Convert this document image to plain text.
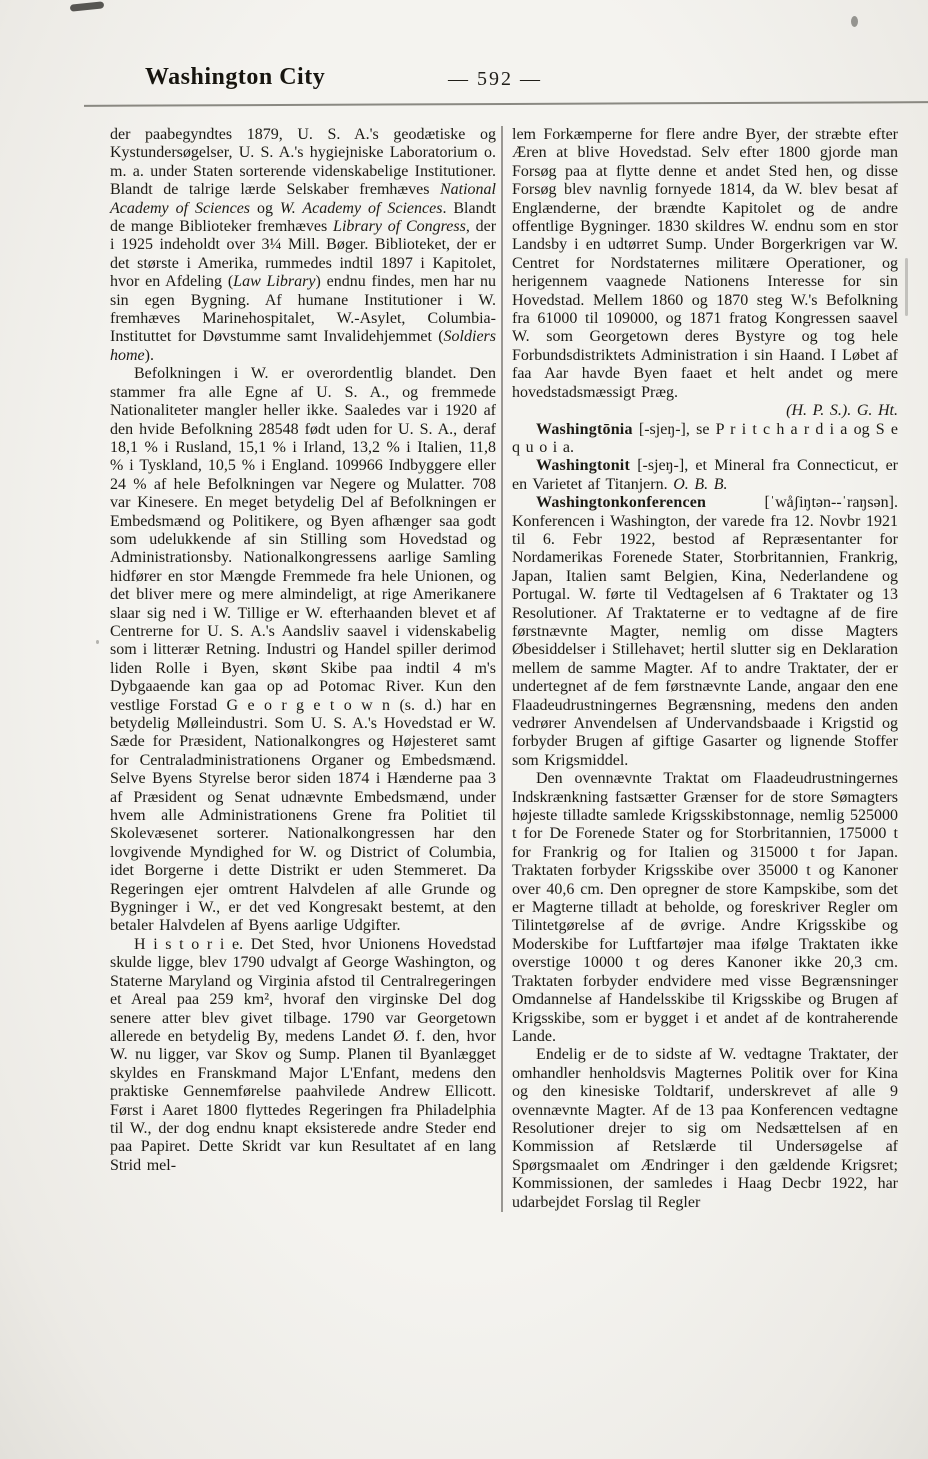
Washington City	— 592 —

der paabegyndtes 1879, U. S. A.'s geodætiske og Kystundersøgelser, U. S. A.'s hygiejniske Laboratorium o. m. a. under Staten sorterende videnskabelige Institutioner. Blandt de talrige lærde Selskaber fremhæves National Academy of Sciences og W. Academy of Sciences. Blandt de mange Biblioteker fremhæves Library of Congress, der i 1925 indeholdt over 3¼ Mill. Bøger. Biblioteket, der er det største i Amerika, rummedes indtil 1897 i Kapitolet, hvor en Afdeling (Law Library) endnu findes, men har nu sin egen Bygning. Af humane Institutioner i W. fremhæves Marinehospitalet, W.-Asylet, Columbia-Instituttet for Døvstumme samt Invalidehjemmet (Soldiers home).

Befolkningen i W. er overordentlig blandet. Den stammer fra alle Egne af U. S. A., og fremmede Nationaliteter mangler heller ikke. Saaledes var i 1920 af den hvide Befolkning 28548 født uden for U. S. A., deraf 18,1 % i Rusland, 15,1 % i Irland, 13,2 % i Italien, 11,8 % i Tyskland, 10,5 % i England. 109966 Indbyggere eller 24 % af hele Befolkningen var Negere og Mulatter. 708 var Kinesere. En meget betydelig Del af Befolkningen er Embedsmænd og Politikere, og Byen afhænger saa godt som udelukkende af sin Stilling som Hovedstad og Administrationsby. Nationalkongressens aarlige Samling hidfører en stor Mængde Fremmede fra hele Unionen, og det bliver mere og mere almindeligt, at rige Amerikanere slaar sig ned i W. Tillige er W. efterhaanden blevet et af Centrerne for U. S. A.'s Aandsliv saavel i videnskabelig som i litterær Retning. Industri og Handel spiller derimod liden Rolle i Byen, skønt Skibe paa indtil 4 m's Dybgaaende kan gaa op ad Potomac River. Kun den vestlige Forstad G e o r g e t o w n (s. d.) har en betydelig Mølleindustri. Som U. S. A.'s Hovedstad er W. Sæde for Præsident, Nationalkongres og Højesteret samt for Centraladministrationens Organer og Embedsmænd. Selve Byens Styrelse beror siden 1874 i Hænderne paa 3 af Præsident og Senat udnævnte Embedsmænd, under hvem alle Administrationens Grene fra Politiet til Skolevæsenet sorterer. Nationalkongressen har den lovgivende Myndighed for W. og District of Columbia, idet Borgerne i dette Distrikt er uden Stemmeret. Da Regeringen ejer omtrent Halvdelen af alle Grunde og Bygninger i W., er det ved Kongresakt bestemt, at den betaler Halvdelen af Byens aarlige Udgifter.

H i s t o r i e. Det Sted, hvor Unionens Hovedstad skulde ligge, blev 1790 udvalgt af George Washington, og Staterne Maryland og Virginia afstod til Centralregeringen et Areal paa 259 km², hvoraf den virginske Del dog senere atter blev givet tilbage. 1790 var Georgetown allerede en betydelig By, medens Landet Ø. f. den, hvor W. nu ligger, var Skov og Sump. Planen til Byanlægget skyldes en Franskmand Major L'Enfant, medens den praktiske Gennemførelse paahvilede Andrew Ellicott. Først i Aaret 1800 flyttedes Regeringen fra Philadelphia til W., der dog endnu knapt eksisterede andre Steder end paa Papiret. Dette Skridt var kun Resultatet af en lang Strid mel-

lem Forkæmperne for flere andre Byer, der stræbte efter Æren at blive Hovedstad. Selv efter 1800 gjorde man Forsøg paa at flytte denne et andet Sted hen, og disse Forsøg blev navnlig fornyede 1814, da W. blev besat af Englænderne, der brændte Kapitolet og de andre offentlige Bygninger. 1830 skildres W. endnu som en stor Landsby i en udtørret Sump. Under Borgerkrigen var W. Centret for Nordstaternes militære Operationer, og herigennem vaagnede Nationens Interesse for sin Hovedstad. Mellem 1860 og 1870 steg W.'s Befolkning fra 61000 til 109000, og 1871 fratog Kongressen saavel W. som Georgetown deres Bystyre og tog hele Forbundsdistriktets Administration i sin Haand. I Løbet af faa Aar havde Byen faaet et helt andet og mere hovedstadsmæssigt Præg.

(H. P. S.). G. Ht.

Washingtōnia [-sjeŋ-], se P r i t c h a r d i a og S e q u o i a.

Washingtonit [-sjeŋ-], et Mineral fra Connecticut, er en Varietet af Titanjern. O. B. B.

Washingtonkonferencen [ˈwåʃiŋtən--ˈraŋsən]. Konferencen i Washington, der varede fra 12. Novbr 1921 til 6. Febr 1922, bestod af Repræsentanter for Nordamerikas Forenede Stater, Storbritannien, Frankrig, Japan, Italien samt Belgien, Kina, Nederlandene og Portugal. W. førte til Vedtagelsen af 6 Traktater og 13 Resolutioner. Af Traktaterne er to vedtagne af de fire førstnævnte Magter, nemlig om disse Magters Øbesiddelser i Stillehavet; hertil slutter sig en Deklaration mellem de samme Magter. Af to andre Traktater, der er undertegnet af de fem førstnævnte Lande, angaar den ene Flaadeudrustningernes Begrænsning, medens den anden vedrører Anvendelsen af Undervandsbaade i Krigstid og forbyder Brugen af giftige Gasarter og lignende Stoffer som Krigsmiddel.

Den ovennævnte Traktat om Flaadeudrustningernes Indskrænkning fastsætter Grænser for de store Sømagters højeste tilladte samlede Krigsskibstonnage, nemlig 525000 t for De Forenede Stater og for Storbritannien, 175000 t for Frankrig og for Italien og 315000 t for Japan. Traktaten forbyder Krigsskibe over 35000 t og Kanoner over 40,6 cm. Den opregner de store Kampskibe, som det er Magterne tilladt at beholde, og foreskriver Regler om Tilintetgørelse af de øvrige. Andre Krigsskibe og Moderskibe for Luftfartøjer maa ifølge Traktaten ikke overstige 10000 t og deres Kanoner ikke 20,3 cm. Traktaten forbyder endvidere med visse Begrænsninger Omdannelse af Handelsskibe til Krigsskibe og Brugen af Krigsskibe, som er bygget i et andet af de kontraherende Lande.

Endelig er de to sidste af W. vedtagne Traktater, der omhandler henholdsvis Magternes Politik over for Kina og den kinesiske Toldtarif, underskrevet af alle 9 ovennævnte Magter. Af de 13 paa Konferencen vedtagne Resolutioner drejer to sig om Nedsættelsen af en Kommission af Retslærde til Undersøgelse af Spørgsmaalet om Ændringer i den gældende Krigsret; Kommissionen, der samledes i Haag Decbr 1922, har udarbejdet Forslag til Regler
